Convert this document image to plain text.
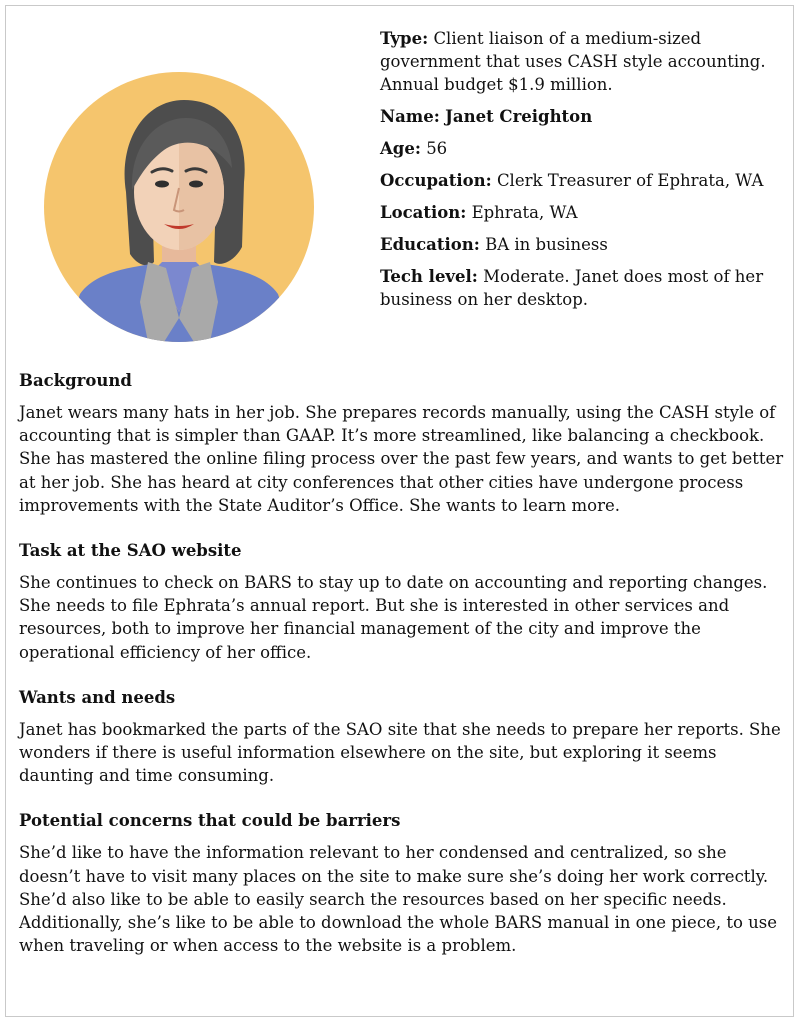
Type: Client liaison of a medium-sized government that uses CASH style accounting. Annual budget $1.9 million.
Name: Janet Creighton
Age: 56
Occupation: Clerk Treasurer of Ephrata, WA
Location: Ephrata, WA
Education: BA in business
Tech level: Moderate. Janet does most of her business on her desktop.
Background

Janet wears many hats in her job. She prepares records manually, using the CASH style of accounting that is simpler than GAAP. It’s more streamlined, like balancing a checkbook. She has mastered the online filing process over the past few years, and wants to get better at her job. She has heard at city conferences that other cities have undergone process improvements with the State Auditor’s Office. She wants to learn more.

Task at the SAO website

She continues to check on BARS to stay up to date on accounting and reporting changes. She needs to file Ephrata’s annual report. But she is interested in other services and resources, both to improve her financial management of the city and improve the operational efficiency of her office.

Wants and needs

Janet has bookmarked the parts of the SAO site that she needs to prepare her reports. She wonders if there is useful information elsewhere on the site, but exploring it seems daunting and time consuming.

Potential concerns that could be barriers

She’d like to have the information relevant to her condensed and centralized, so she doesn’t have to visit many places on the site to make sure she’s doing her work correctly. She’d also like to be able to easily search the resources based on her specific needs. Additionally, she’s like to be able to download the whole BARS manual in one piece, to use when traveling or when access to the website is a problem.
